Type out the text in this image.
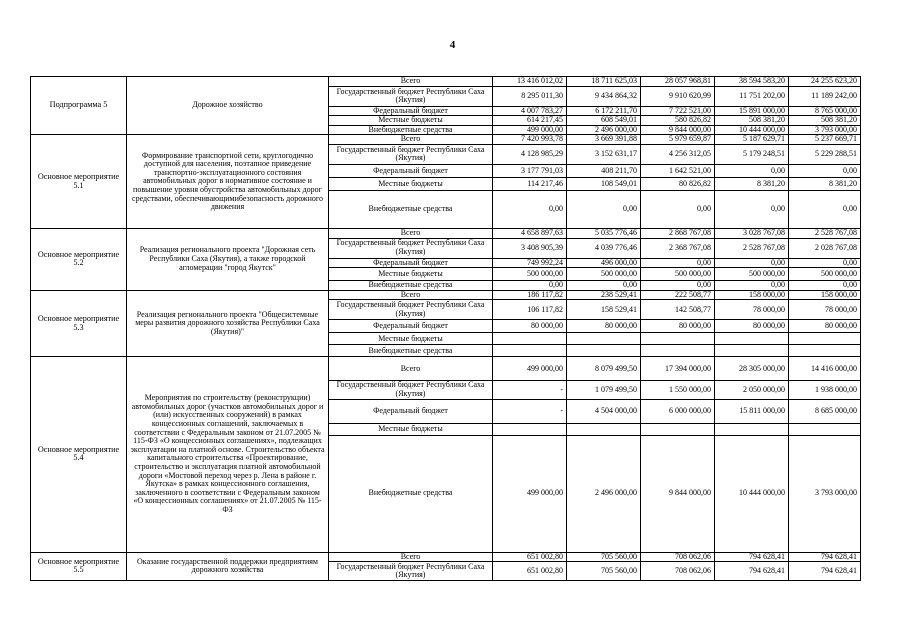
4
Подпрограмма 5	Дорожное хозяйство	Всего	13 416 012,02	18 711 625,03	28 057 968,81	38 594 583,20	24 255 623,20
		Государственный бюджет Республики Саха (Якутия)	8 295 011,30	9 434 864,32	9 910 620,99	11 751 202,00	11 189 242,00
		Федеральный бюджет	4 007 783,27	6 172 211,70	7 722 521,00	15 891 000,00	8 765 000,00
		Местные бюджеты	614 217,45	608 549,01	580 826,82	508 381,20	508 381,20
		Внебюджетные средства	499 000,00	2 496 000,00	9 844 000,00	10 444 000,00	3 793 000,00
Основное мероприятие 5.1	Формирование транспортной сети, круглогодично доступной для населения, поэтапное приведение транспортно-эксплуатационного состояния автомобильных дорог в нормативное состояние и повышение уровня обустройства автомобильных дорог средствами, обеспечивающимибезопасность дорожного движения	Всего	7 420 993,78	3 669 391,88	5 979 659,87	5 187 629,71	5 237 669,71
		Государственный бюджет Республики Саха (Якутия)	4 128 985,29	3 152 631,17	4 256 312,05	5 179 248,51	5 229 288,51
		Федеральный бюджет	3 177 791,03	408 211,70	1 642 521,00	0,00	0,00
		Местные бюджеты	114 217,46	108 549,01	80 826,82	8 381,20	8 381,20
		Внебюджетные средства	0,00	0,00	0,00	0,00	0,00
Основное мероприятие 5.2	Реализация регионального проекта "Дорожная сеть Республики Саха (Якутия), а также городской агломерации "город Якутск"	Всего	4 658 897,63	5 035 776,46	2 868 767,08	3 028 767,08	2 528 767,08
		Государственный бюджет Республики Саха (Якутия)	3 408 905,39	4 039 776,46	2 368 767,08	2 528 767,08	2 028 767,08
		Федеральный бюджет	749 992,24	496 000,00	0,00	0,00	0,00
		Местные бюджеты	500 000,00	500 000,00	500 000,00	500 000,00	500 000,00
		Внебюджетные средства	0,00	0,00	0,00	0,00	0,00
Основное мероприятие 5.3	Реализация регионального проекта "Общесистемные меры развития дорожного хозяйства Республики Саха (Якутия)"	Всего	186 117,82	238 529,41	222 508,77	158 000,00	158 000,00
		Государственный бюджет Республики Саха (Якутия)	106 117,82	158 529,41	142 508,77	78 000,00	78 000,00
		Федеральный бюджет	80 000,00	80 000,00	80 000,00	80 000,00	80 000,00
		Местные бюджеты					
		Внебюджетные средства					
Основное мероприятие 5.4	Мероприятия по строительству (реконструкции) автомобильных дорог (участков автомобильных дорог и (или) искусственных сооружений) в рамках концессионных соглашений, заключаемых в соответствии с Федеральным законом от 21.07.2005 № 115-ФЗ «О концессионных соглашениях», подлежащих эксплуатации на платной основе. Строительство объекта капитального строительства «Проектирование, строительство и эксплуатация платной автомобильной дороги «Мостовой переход через р. Лена в районе г. Якутска» в рамках концессионного соглашения, заключенного в соответствии с Федеральным законом «О концессионных соглашениях» от 21.07.2005 № 115-ФЗ	Всего	499 000,00	8 079 499,50	17 394 000,00	28 305 000,00	14 416 000,00
		Государственный бюджет Республики Саха (Якутия)	-	1 079 499,50	1 550 000,00	2 050 000,00	1 938 000,00
		Федеральный бюджет	-	4 504 000,00	6 000 000,00	15 811 000,00	8 685 000,00
		Местные бюджеты					
		Внебюджетные средства	499 000,00	2 496 000,00	9 844 000,00	10 444 000,00	3 793 000,00
Основное мероприятие 5.5	Оказание государственной поддержки предприятиям дорожного хозяйства	Всего	651 002,80	705 560,00	708 062,06	794 628,41	794 628,41
		Государственный бюджет Республики Саха (Якутия)	651 002,80	705 560,00	708 062,06	794 628,41	794 628,41
